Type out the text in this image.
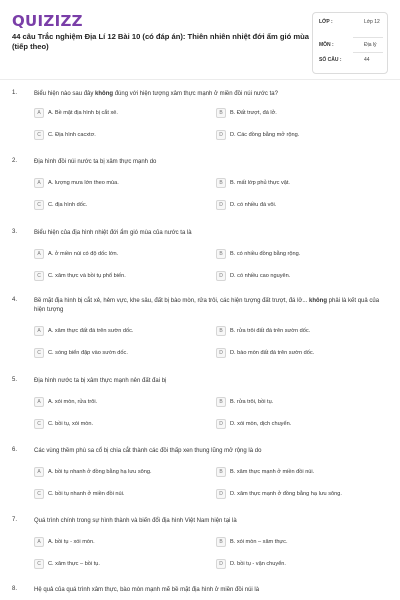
QUIZIZZ
44 câu Trắc nghiệm Địa Lí 12 Bài 10 (có đáp án): Thiên nhiên nhiệt đới ẩm gió mùa (tiếp theo)
LỚP :	Lớp 12
MÔN :	Địa lý
SỐ CÂU :	44
1.	Biểu hiện nào sau đây không đúng với hiện tượng xâm thực mạnh ở miền đồi núi nước ta?
A	A. Bề mặt địa hình bị cắt xẻ.	B	B. Đất trượt, đá lở.
C	C. Địa hình cacxtơ.	D	D. Các đồng bằng mở rộng.
2.	Địa hình đồi núi nước ta bị xâm thực mạnh do
A	A. lượng mưa lớn theo mùa.	B	B. mất lớp phủ thực vật.
C	C. địa hình dốc.	D	D. có nhiều đá vôi.
3.	Biểu hiện của địa hình nhiệt đới ẩm gió mùa của nước ta là
A	A. ở miền núi có độ dốc lớn.	B	B. có nhiều đồng bằng rộng.
C	C. xâm thực và bồi tụ phổ biến.	D	D. có nhiều cao nguyên.
4.	Bề mặt địa hình bị cắt xẻ, hẻm vực, khe sâu, đất bị bào mòn, rửa trôi, các hiện tượng đất trượt, đá lở... không phải là kết quả của hiện tượng
A	A. xâm thực đất đá trên sườn dốc.	B	B. rửa trôi đất đá trên sườn dốc.
C	C. sóng biển đập vào sườn dốc.	D	D. bào mòn đất đá trên sườn dốc.
5.	Địa hình nước ta bị xâm thực mạnh nên đất đai bị
A	A. xói mòn, rửa trôi.	B	B. rửa trôi, bồi tụ.
C	C. bồi tụ, xói mòn.	D	D. xói mòn, dịch chuyển.
6.	Các vùng thềm phù sa cổ bị chia cắt thành các đồi thấp xen thung lũng mở rộng là do
A	A. bồi tụ nhanh ở đồng bằng hạ lưu sông.	B	B. xâm thực mạnh ở miền đồi núi.
C	C. bồi tụ nhanh ở miền đồi núi.	D	D. xâm thực mạnh ở đồng bằng hạ lưu sông.
7.	Quá trình chính trong sự hình thành và biến đổi địa hình Việt Nam hiện tại là
A	A. bồi tụ - xói mòn.	B	B. xói mòn – xâm thực.
C	C. xâm thực – bồi tụ.	D	D. bồi tụ - vận chuyển.
8.	Hệ quả của quá trình xâm thực, bào mòn mạnh mẽ bề mặt địa hình ở miền đồi núi là
